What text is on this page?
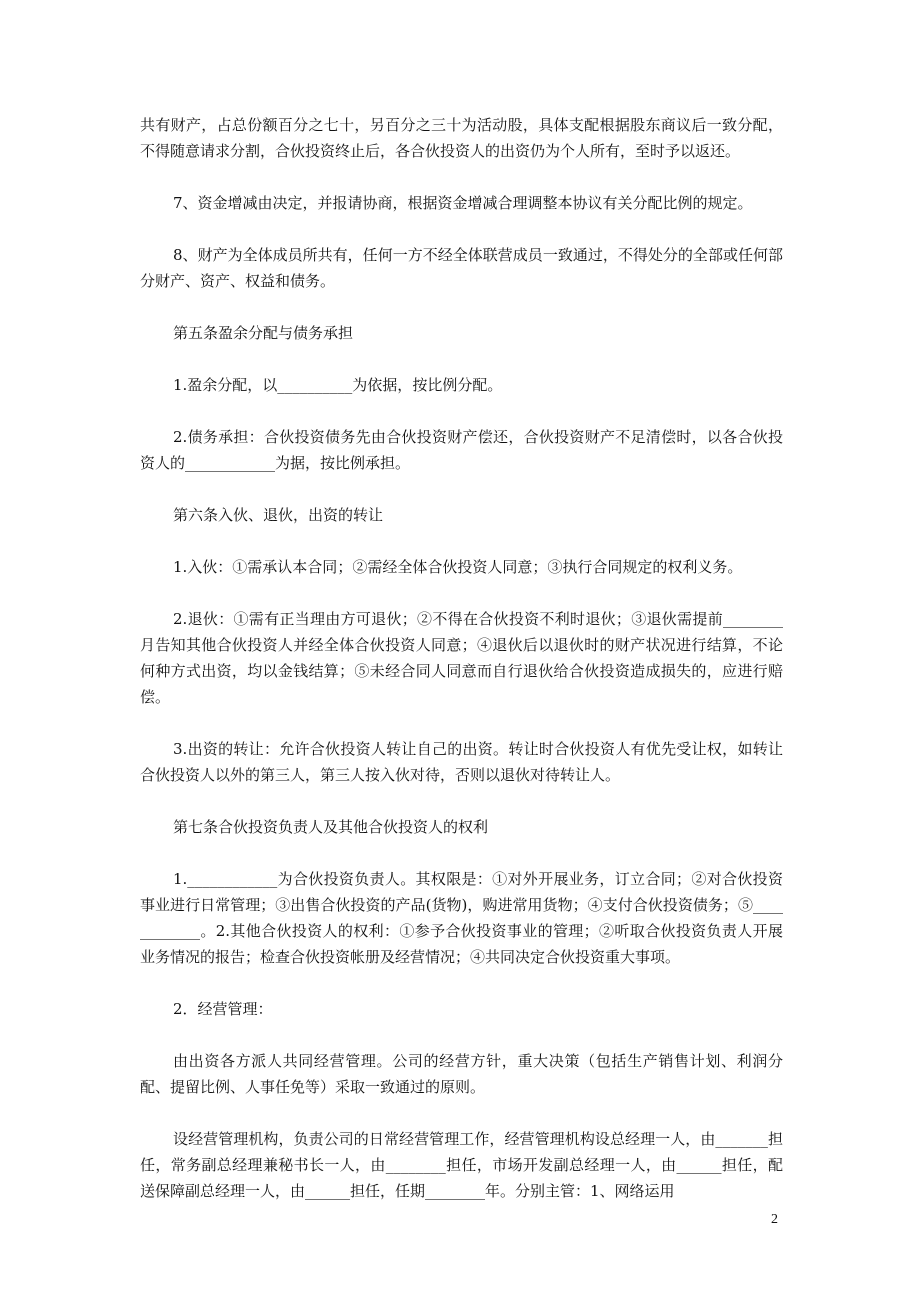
共有财产，占总份额百分之七十，另百分之三十为活动股，具体支配根据股东商议后一致分配，不得随意请求分割，合伙投资终止后，各合伙投资人的出资仍为个人所有，至时予以返还。

7、资金增减由决定，并报请协商，根据资金增减合理调整本协议有关分配比例的规定。

8、财产为全体成员所共有，任何一方不经全体联营成员一致通过，不得处分的全部或任何部分财产、资产、权益和债务。

第五条盈余分配与债务承担

1.盈余分配，以__________为依据，按比例分配。

2.债务承担：合伙投资债务先由合伙投资财产偿还，合伙投资财产不足清偿时，以各合伙投资人的____________为据，按比例承担。

第六条入伙、退伙，出资的转让

1.入伙：①需承认本合同；②需经全体合伙投资人同意；③执行合同规定的权利义务。

2.退伙：①需有正当理由方可退伙；②不得在合伙投资不利时退伙；③退伙需提前________月告知其他合伙投资人并经全体合伙投资人同意；④退伙后以退伙时的财产状况进行结算，不论何种方式出资，均以金钱结算；⑤未经合同人同意而自行退伙给合伙投资造成损失的，应进行赔偿。

3.出资的转让：允许合伙投资人转让自己的出资。转让时合伙投资人有优先受让权，如转让合伙投资人以外的第三人，第三人按入伙对待，否则以退伙对待转让人。

第七条合伙投资负责人及其他合伙投资人的权利

1.____________为合伙投资负责人。其权限是：①对外开展业务，订立合同；②对合伙投资事业进行日常管理；③出售合伙投资的产品(货物)，购进常用货物；④支付合伙投资债务；⑤____________。2.其他合伙投资人的权利：①参予合伙投资事业的管理；②听取合伙投资负责人开展业务情况的报告；检查合伙投资帐册及经营情况；④共同决定合伙投资重大事项。

2．经营管理：

由出资各方派人共同经营管理。公司的经营方针，重大决策（包括生产销售计划、利润分配、提留比例、人事任免等）采取一致通过的原则。

设经营管理机构，负责公司的日常经营管理工作，经营管理机构设总经理一人，由_______担任，常务副总经理兼秘书长一人，由________担任，市场开发副总经理一人，由______担任，配送保障副总经理一人，由______担任，任期________年。分别主管：1、网络运用

2
